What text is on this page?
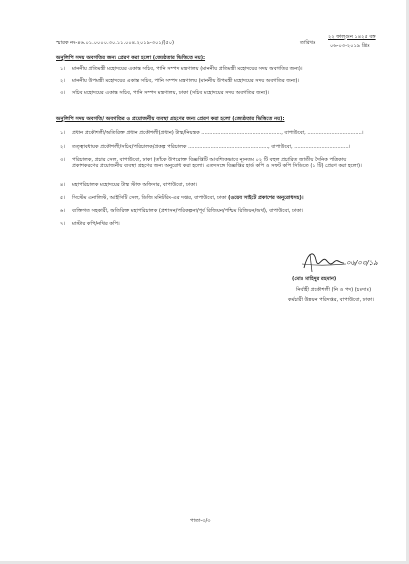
স্মারক নং-৪৬.০১.০০০০.৩০.১১.০০৪.২০১৯-৩০১/(৫০)	তারিখঃ
২২ ফাল্গুন ১৪২৫ বঙ্গ
০৬-০৩-২০১৯ খ্রিঃ
অনুলিপি সদয় অবগতির জন্য প্রেরণ করা হলো (জ্যেষ্ঠতার ভিত্তিতে নয়):
১। মাননীয় প্রতিমন্ত্রী মহোদয়ের একান্ত সচিব, পানি সম্পদ মন্ত্রণালয় (মাননীয় প্রতিমন্ত্রী মহোদয়ের সদয় অবগতির জন্য)।
২। মাননীয় উপমন্ত্রী মহোদয়ের একান্ত সচিব, পানি সম্পদ মন্ত্রণালয় (মাননীয় উপমন্ত্রী মহোদয়ের সদয় অবগতির জন্য)।
৩। সচিব মহোদয়ের একান্ত সচিব, পানি সম্পদ মন্ত্রণালয়, ঢাকা (সচিব মহোদয়ের সদয় অবগতির জন্য)।
অনুলিপি সদয় অবগতি/ অবগতির ও প্রয়োজনীয় ব্যবস্থা গ্রহণের জন্য প্রেরণ করা হলো (জ্যেষ্ঠতার ভিত্তিতে নয়):
১। প্রধান প্রকৌশলী/অতিরিক্ত প্রধান প্রকৌশলী(প্রধান) টাস্ক/নিয়ন্ত্রক .................................................., বাপাউবো, ..................................।
২। তত্ত্বাবধায়ক প্রকৌশলী/সচিব/পরিচালক/প্রকল্প পরিচালক .................................................., বাপাউবো, ..................................।
৩। পরিচালক, প্রচার সেল, বাপাউবো, ঢাকা (তাঁকে উপরোক্ত বিজ্ঞপ্তিটি আবশ্যিকভাবে ন্যূনতম ০২ টি বহুল প্রচারিত জাতীয় দৈনিক পত্রিকায় প্রকাশকরণের প্রয়োজনীয় ব্যবস্থা গ্রহণের জন্য অনুরোধ করা হলো। এতদসঙ্গে বিজ্ঞপ্তির হার্ড কপি ও সফট কপি সিডিতে (১ টি) প্রেরণ করা হলো)।
৪। মহাপরিচালক মহোদয়ের টাস্ক স্টাফ অফিসার, বাপাউবো, ঢাকা।
৫। সিস্টেম এনালিস্ট, আইসিটি সেল, ডিজি মনিটরিং-এর দপ্তর, বাপাউবো, ঢাকা (ওয়েব সাইটে প্রকাশের অনুরোধসহ)।
৬। ব্যক্তিগত সহকারী, অতিরিক্ত মহাপরিচালক (প্রশাসন/পরিকল্পনা/পূর্ব রিজিয়ন/পশ্চিম রিজিয়ন/অর্থ), বাপাউবো, ঢাকা।
৭। মাস্টার কপি/নথির কপি।
০৬/০৩/১৯
(মোঃ মাহিদুর রহমান)
নির্বাহী প্রকৌশলী (নি ও পদ) (চঃদাঃ)
কর্মচারী উন্নয়ন পরিদপ্তর, বাপাউবো, ঢাকা।
পাতা-৩/৩
